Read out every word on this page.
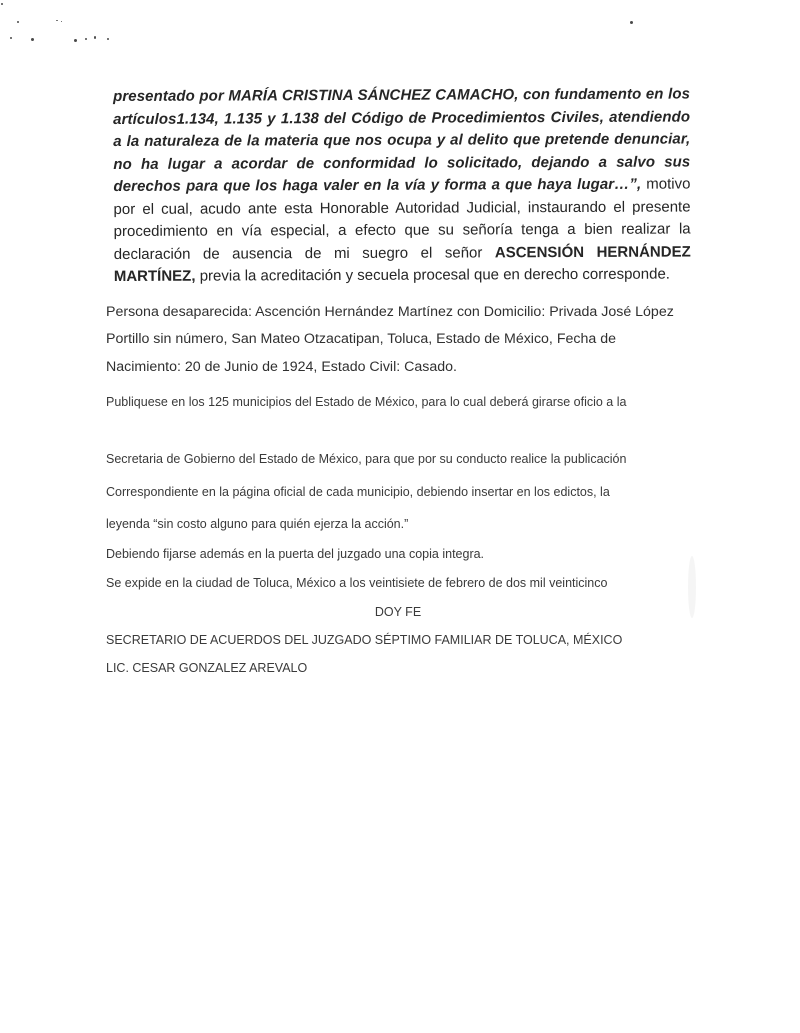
presentado por MARÍA CRISTINA SÁNCHEZ CAMACHO, con fundamento en los artículos1.134, 1.135 y 1.138 del Código de Procedimientos Civiles, atendiendo a la naturaleza de la materia que nos ocupa y al delito que pretende denunciar, no ha lugar a acordar de conformidad lo solicitado, dejando a salvo sus derechos para que los haga valer en la vía y forma a que haya lugar…”, motivo por el cual, acudo ante esta Honorable Autoridad Judicial, instaurando el presente procedimiento en vía especial, a efecto que su señoría tenga a bien realizar la declaración de ausencia de mi suegro el señor ASCENSIÓN HERNÁNDEZ MARTÍNEZ, previa la acreditación y secuela procesal que en derecho corresponde.

Persona desaparecida: Ascención Hernández Martínez con Domicilio: Privada José López
Portillo sin número, San Mateo Otzacatipan, Toluca, Estado de México, Fecha de
Nacimiento: 20 de Junio de 1924, Estado Civil: Casado.
Publiquese en los 125 municipios del Estado de México, para lo cual deberá girarse oficio a la
Secretaria de Gobierno del Estado de México, para que por su conducto realice la publicación
Correspondiente en la página oficial de cada municipio, debiendo insertar en los edictos, la
leyenda “sin costo alguno para quién ejerza la acción.”
Debiendo fijarse además en la puerta del juzgado una copia integra.
Se expide en la ciudad de Toluca, México a los veintisiete de febrero de dos mil veinticinco
DOY FE
SECRETARIO DE ACUERDOS DEL JUZGADO SÉPTIMO FAMILIAR DE TOLUCA, MÉXICO
LIC. CESAR GONZALEZ AREVALO
